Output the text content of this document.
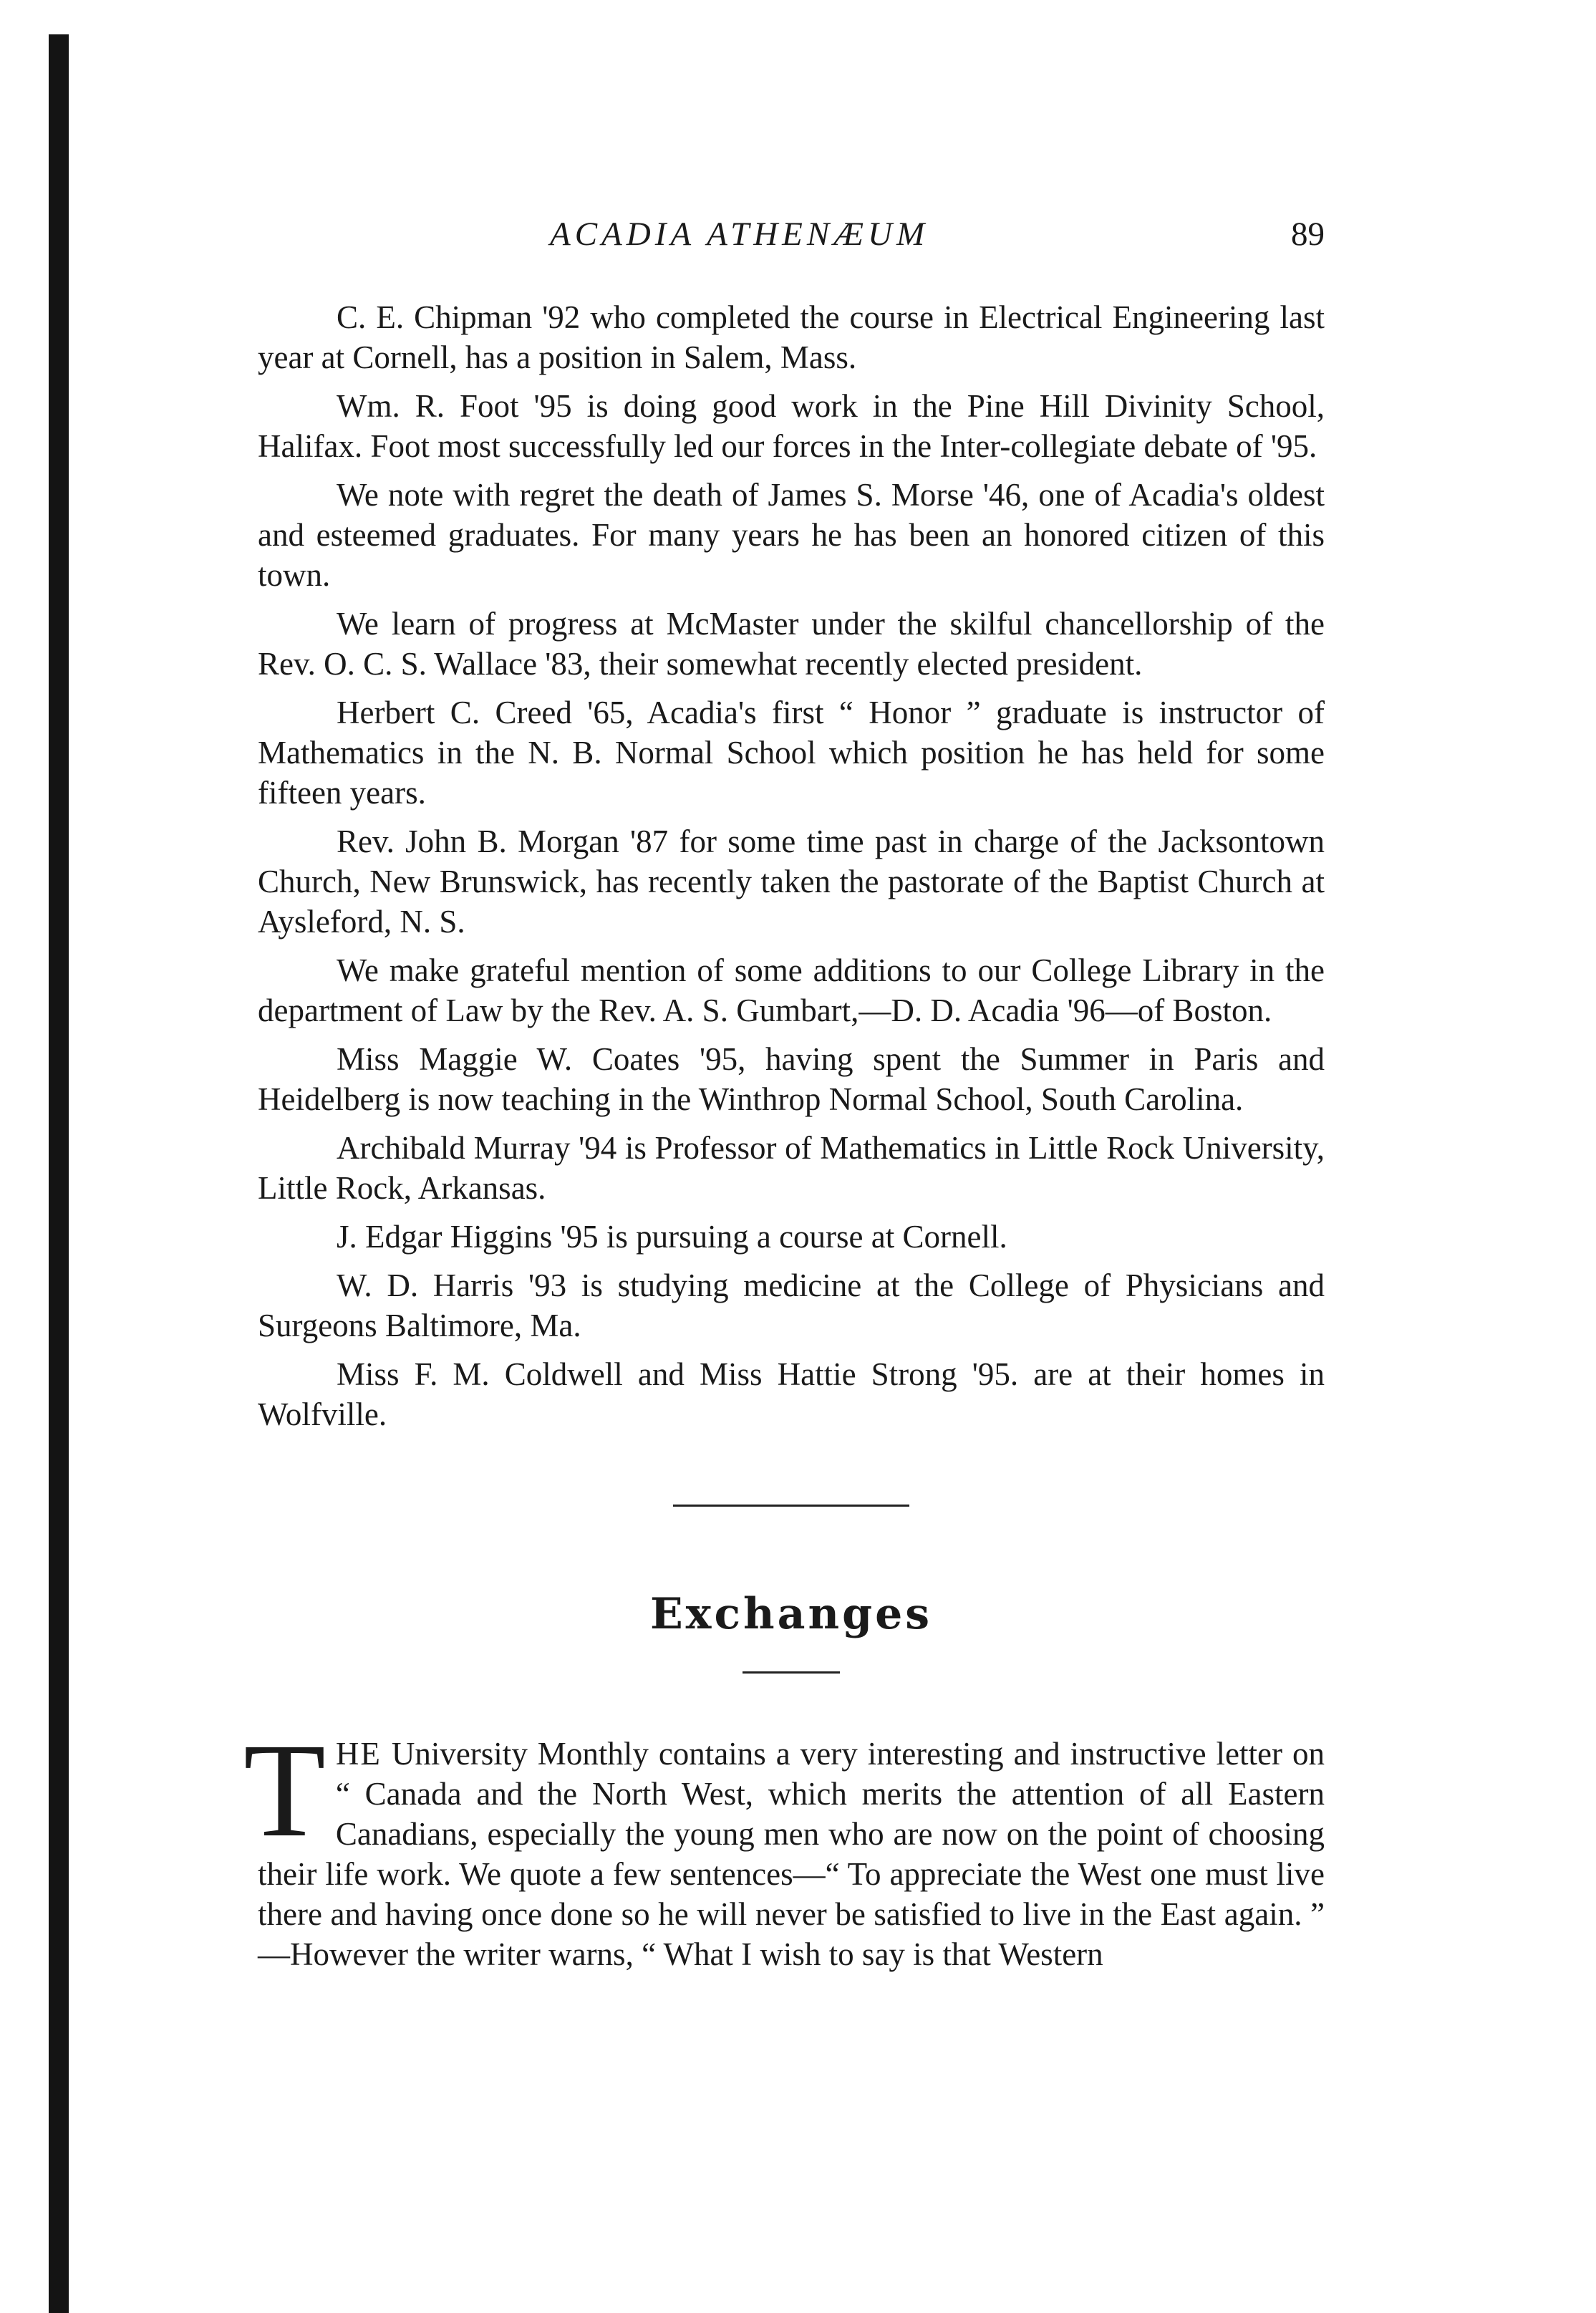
ACADIA ATHENÆUM	89

C. E. Chipman '92 who completed the course in Electrical Engineering last year at Cornell, has a position in Salem, Mass.

Wm. R. Foot '95 is doing good work in the Pine Hill Divinity School, Halifax. Foot most successfully led our forces in the Inter-collegiate debate of '95.

We note with regret the death of James S. Morse '46, one of Acadia's oldest and esteemed graduates. For many years he has been an honored citizen of this town.

We learn of progress at McMaster under the skilful chancellorship of the Rev. O. C. S. Wallace '83, their somewhat recently elected president.

Herbert C. Creed '65, Acadia's first “ Honor ” graduate is instructor of Mathematics in the N. B. Normal School which position he has held for some fifteen years.

Rev. John B. Morgan '87 for some time past in charge of the Jacksontown Church, New Brunswick, has recently taken the pastorate of the Baptist Church at Aysleford, N. S.

We make grateful mention of some additions to our College Library in the department of Law by the Rev. A. S. Gumbart,—D. D. Acadia '96—of Boston.

Miss Maggie W. Coates '95, having spent the Summer in Paris and Heidelberg is now teaching in the Winthrop Normal School, South Carolina.

Archibald Murray '94 is Professor of Mathematics in Little Rock University, Little Rock, Arkansas.

J. Edgar Higgins '95 is pursuing a course at Cornell.

W. D. Harris '93 is studying medicine at the College of Physicians and Surgeons Baltimore, Ma.

Miss F. M. Coldwell and Miss Hattie Strong '95. are at their homes in Wolfville.

Exchanges

THE University Monthly contains a very interesting and instructive letter on “ Canada and the North West, which merits the attention of all Eastern Canadians, especially the young men who are now on the point of choosing their life work. We quote a few sentences—“ To appreciate the West one must live there and having once done so he will never be satisfied to live in the East again. ” —However the writer warns, “ What I wish to say is that Western
